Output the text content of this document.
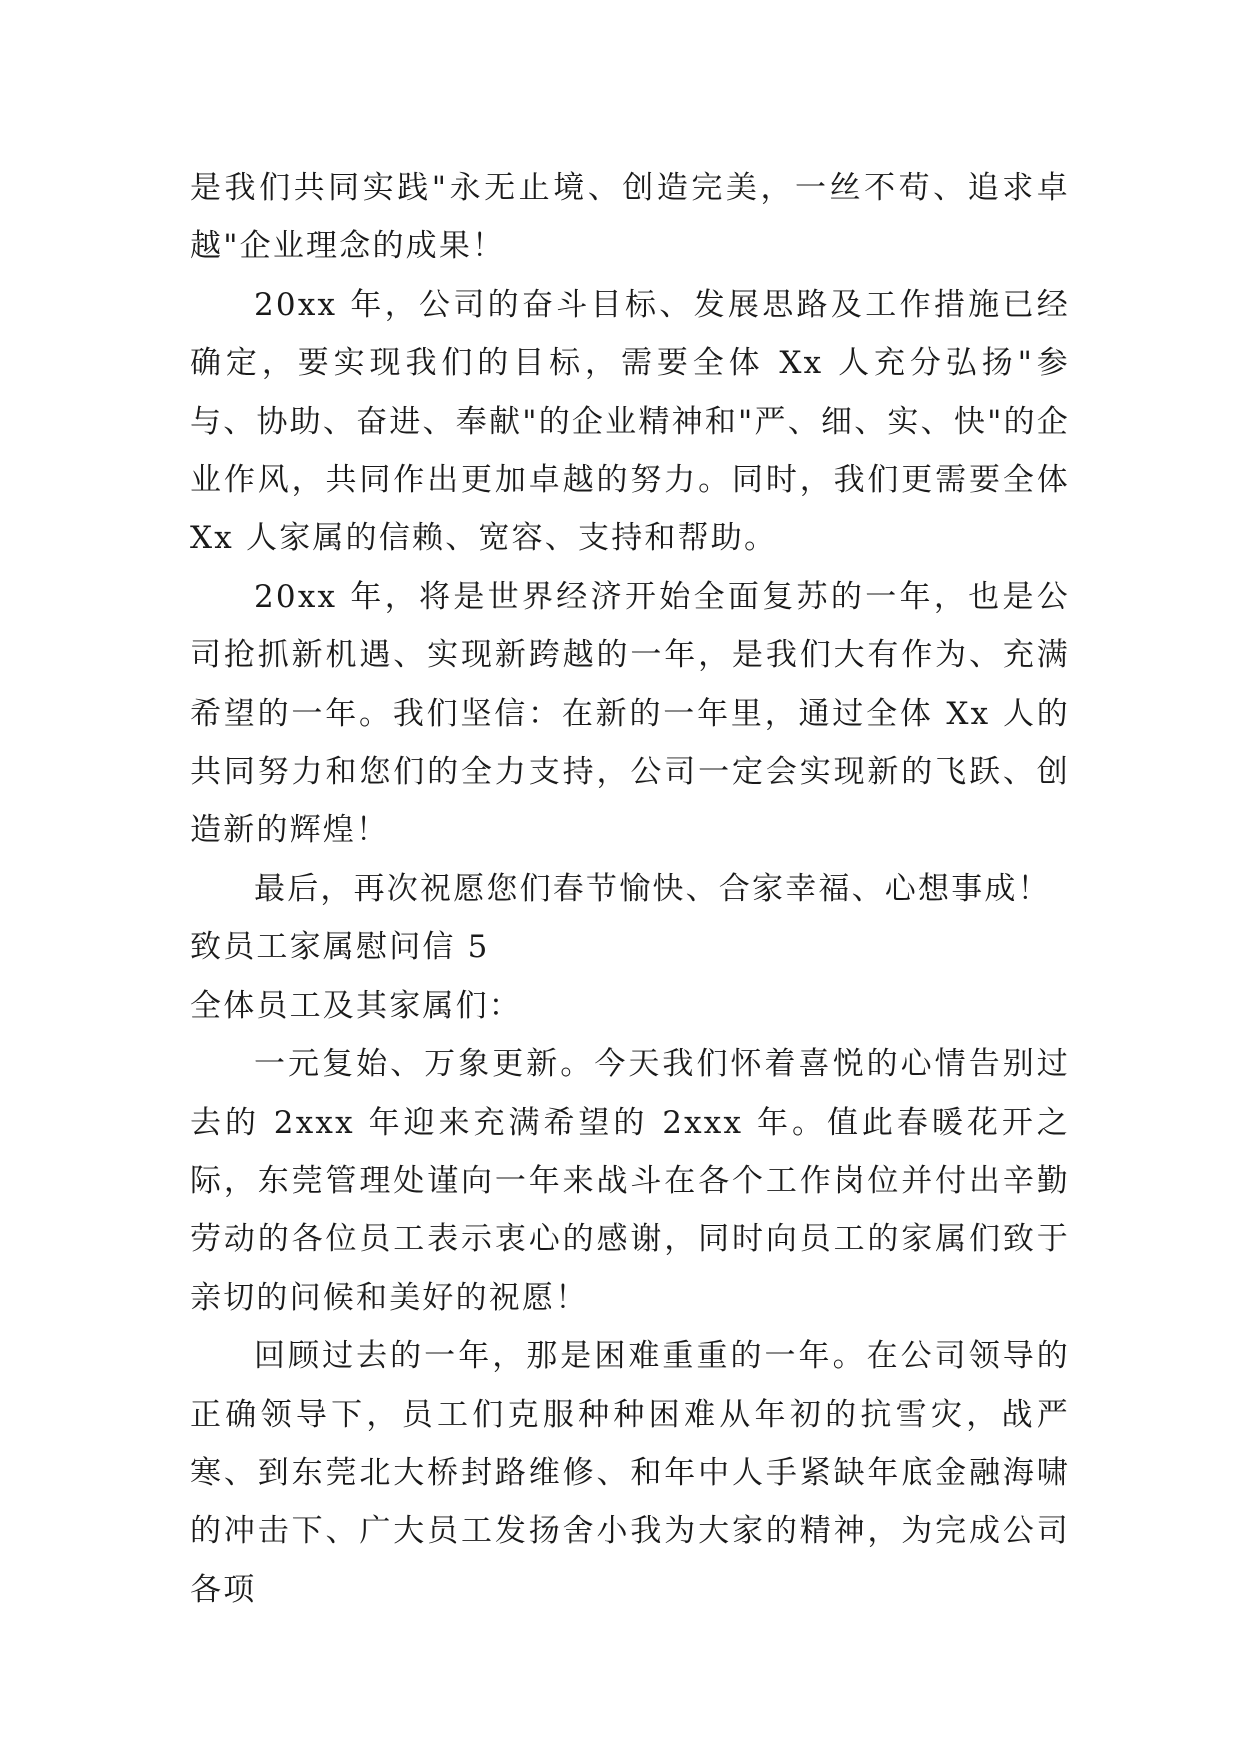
是我们共同实践"永无止境、创造完美，一丝不苟、追求卓越"企业理念的成果！

20xx 年，公司的奋斗目标、发展思路及工作措施已经确定，要实现我们的目标，需要全体 Xx 人充分弘扬"参与、协助、奋进、奉献"的企业精神和"严、细、实、快"的企业作风，共同作出更加卓越的努力。同时，我们更需要全体 Xx 人家属的信赖、宽容、支持和帮助。

20xx 年，将是世界经济开始全面复苏的一年，也是公司抢抓新机遇、实现新跨越的一年，是我们大有作为、充满希望的一年。我们坚信：在新的一年里，通过全体 Xx 人的共同努力和您们的全力支持，公司一定会实现新的飞跃、创造新的辉煌！

最后，再次祝愿您们春节愉快、合家幸福、心想事成！

致员工家属慰问信 5

全体员工及其家属们：

一元复始、万象更新。今天我们怀着喜悦的心情告别过去的 2xxx 年迎来充满希望的 2xxx 年。值此春暖花开之际，东莞管理处谨向一年来战斗在各个工作岗位并付出辛勤劳动的各位员工表示衷心的感谢，同时向员工的家属们致于亲切的问候和美好的祝愿！

回顾过去的一年，那是困难重重的一年。在公司领导的正确领导下，员工们克服种种困难从年初的抗雪灾，战严寒、到东莞北大桥封路维修、和年中人手紧缺年底金融海啸的冲击下、广大员工发扬舍小我为大家的精神，为完成公司各项
